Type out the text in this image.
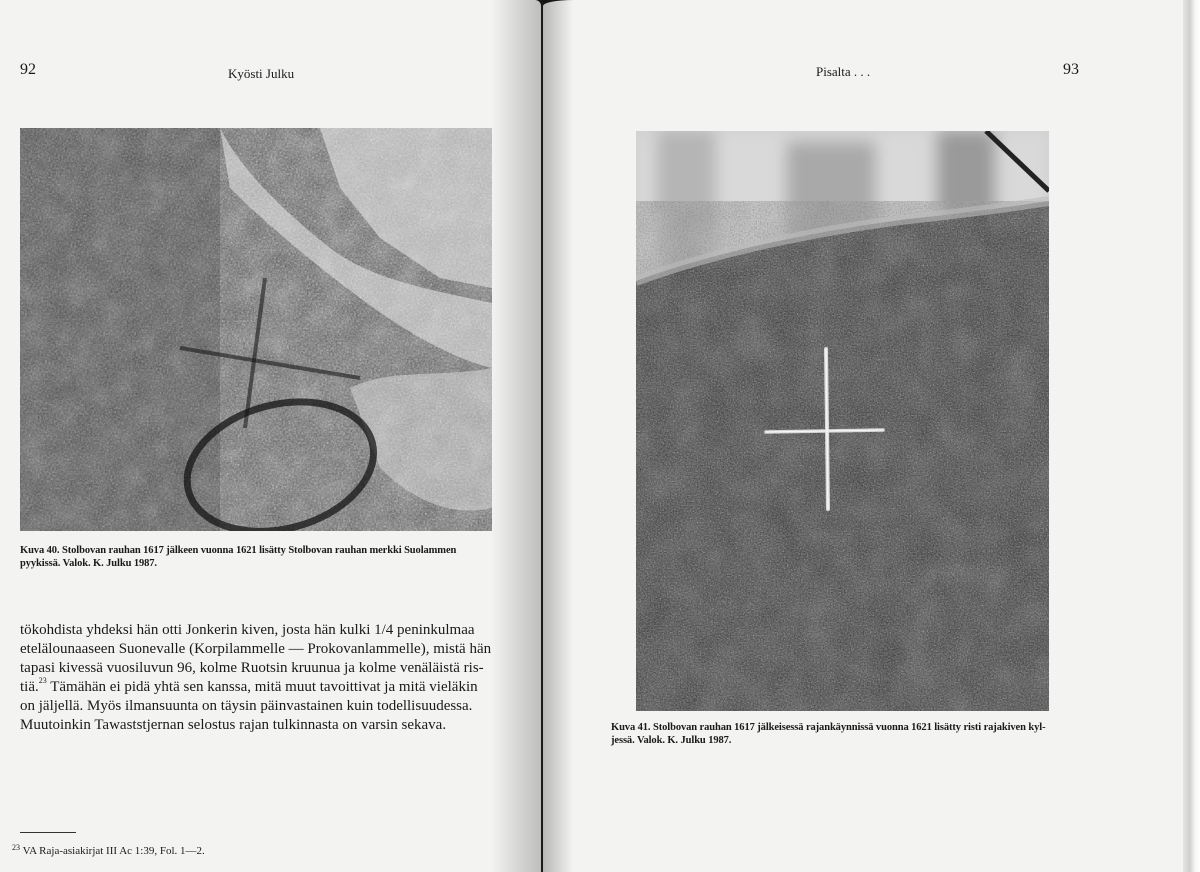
92	Kyösti Julku
Kuva 40. Stolbovan rauhan 1617 jälkeen vuonna 1621 lisätty Stolbovan rauhan merkki Suolammen
pyykissä. Valok. K. Julku 1987.
tökohdista yhdeksi hän otti Jonkerin kiven, josta hän kulki 1/4 peninkulmaa
etelälounaaseen Suonevalle (Korpilammelle — Prokovanlammelle), mistä hän
tapasi kivessä vuosiluvun 96, kolme Ruotsin kruunua ja kolme venäläistä ris-
tiä.$^{23}$ Tämähän ei pidä yhtä sen kanssa, mitä muut tavoittivat ja mitä vieläkin
on jäljellä. Myös ilmansuunta on täysin päinvastainen kuin todellisuudessa.
Muutoinkin Tawaststjernan selostus rajan tulkinnasta on varsin sekava.
$^{23}$ VA Raja-asiakirjat III Ac 1:39, Fol. 1—2.
Pisalta . . .	93
Kuva 41. Stolbovan rauhan 1617 jälkeisessä rajankäynnissä vuonna 1621 lisätty risti rajakiven kyl-
jessä. Valok. K. Julku 1987.
